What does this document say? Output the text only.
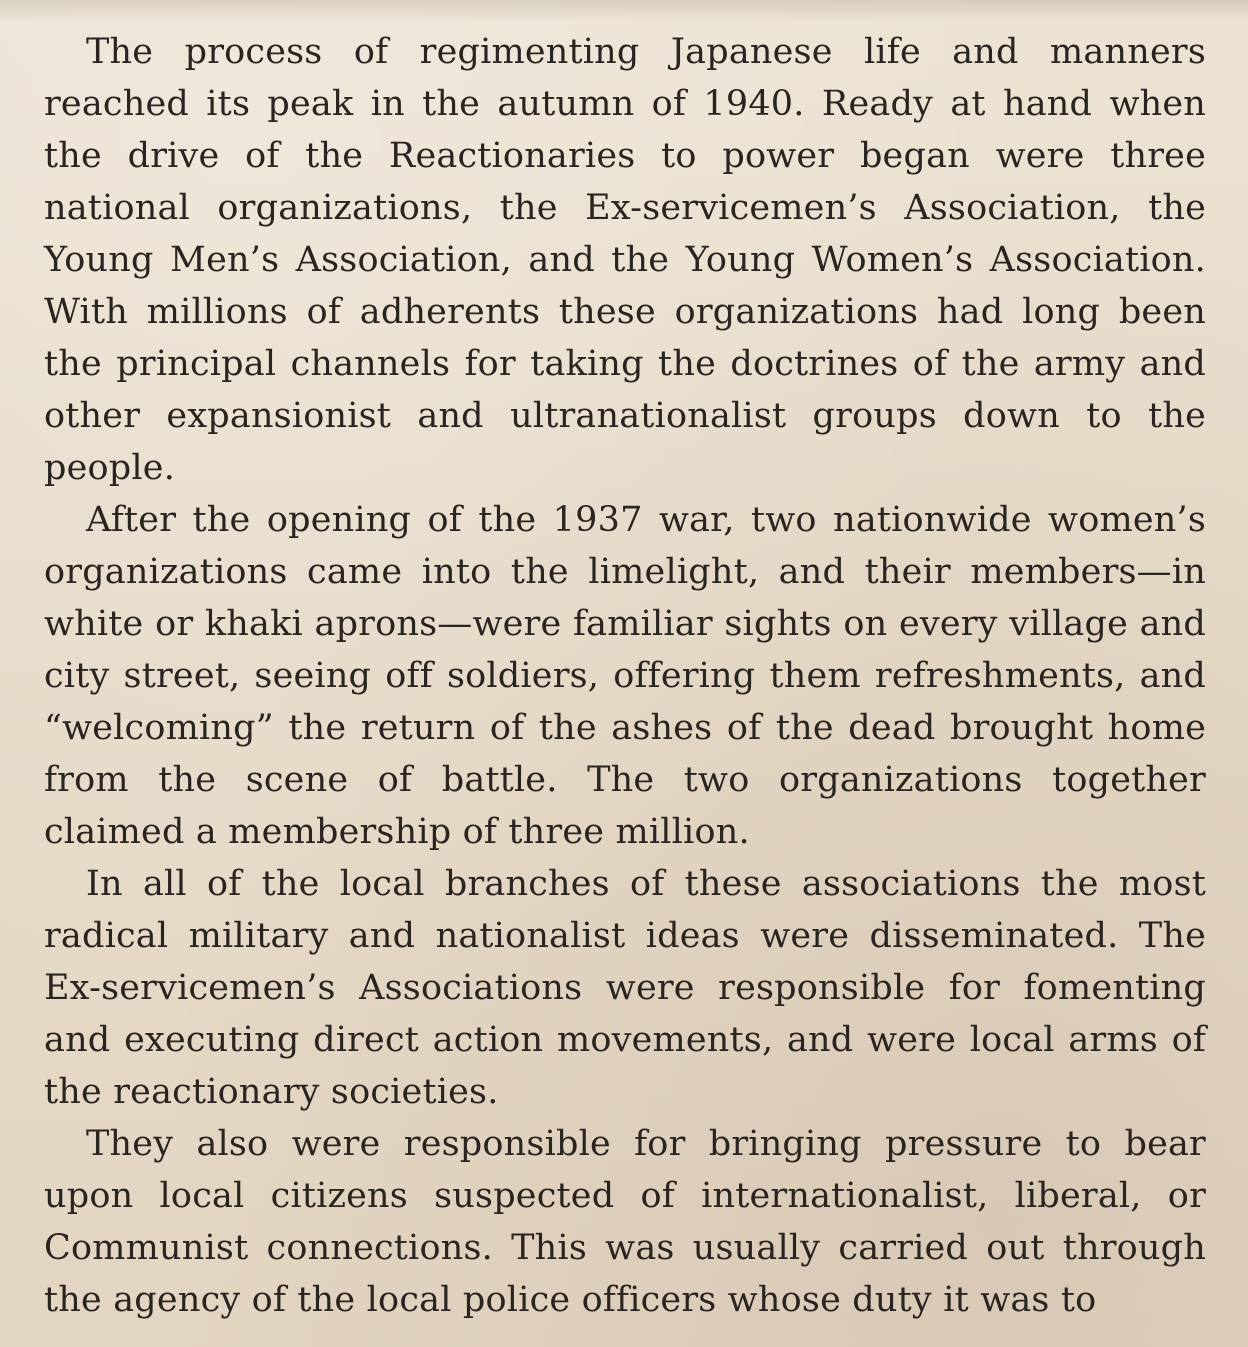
The process of regimenting Japanese life and manners reached its peak in the autumn of 1940. Ready at hand when the drive of the Reactionaries to power began were three national organizations, the Ex-servicemen’s Association, the Young Men’s Association, and the Young Women’s Association. With millions of adherents these organizations had long been the principal channels for taking the doctrines of the army and other expansionist and ultranationalist groups down to the people.

After the opening of the 1937 war, two nationwide women’s organizations came into the limelight, and their members—in white or khaki aprons—were familiar sights on every village and city street, seeing off soldiers, offering them refreshments, and “welcoming” the return of the ashes of the dead brought home from the scene of battle. The two organizations together claimed a membership of three million.

In all of the local branches of these associations the most radical military and nationalist ideas were disseminated. The Ex-servicemen’s Associations were responsible for fomenting and executing direct action movements, and were local arms of the reactionary societies.

They also were responsible for bringing pressure to bear upon local citizens suspected of internationalist, liberal, or Communist connections. This was usually carried out through the agency of the local police officers whose duty it was to
